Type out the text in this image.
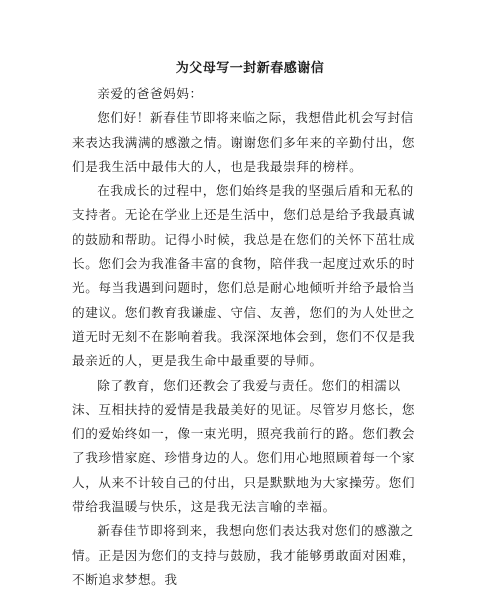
为父母写一封新春感谢信

亲爱的爸爸妈妈：

您们好！新春佳节即将来临之际，我想借此机会写封信来表达我满满的感激之情。谢谢您们多年来的辛勤付出，您们是我生活中最伟大的人，也是我最崇拜的榜样。

在我成长的过程中，您们始终是我的坚强后盾和无私的支持者。无论在学业上还是生活中，您们总是给予我最真诚的鼓励和帮助。记得小时候，我总是在您们的关怀下茁壮成长。您们会为我准备丰富的食物，陪伴我一起度过欢乐的时光。每当我遇到问题时，您们总是耐心地倾听并给予最恰当的建议。您们教育我谦虚、守信、友善，您们的为人处世之道无时无刻不在影响着我。我深深地体会到，您们不仅是我最亲近的人，更是我生命中最重要的导师。

除了教育，您们还教会了我爱与责任。您们的相濡以沫、互相扶持的爱情是我最美好的见证。尽管岁月悠长，您们的爱始终如一，像一束光明，照亮我前行的路。您们教会了我珍惜家庭、珍惜身边的人。您们用心地照顾着每一个家人，从来不计较自己的付出，只是默默地为大家操劳。您们带给我温暖与快乐，这是我无法言喻的幸福。

新春佳节即将到来，我想向您们表达我对您们的感激之情。正是因为您们的支持与鼓励，我才能够勇敢面对困难，不断追求梦想。我
